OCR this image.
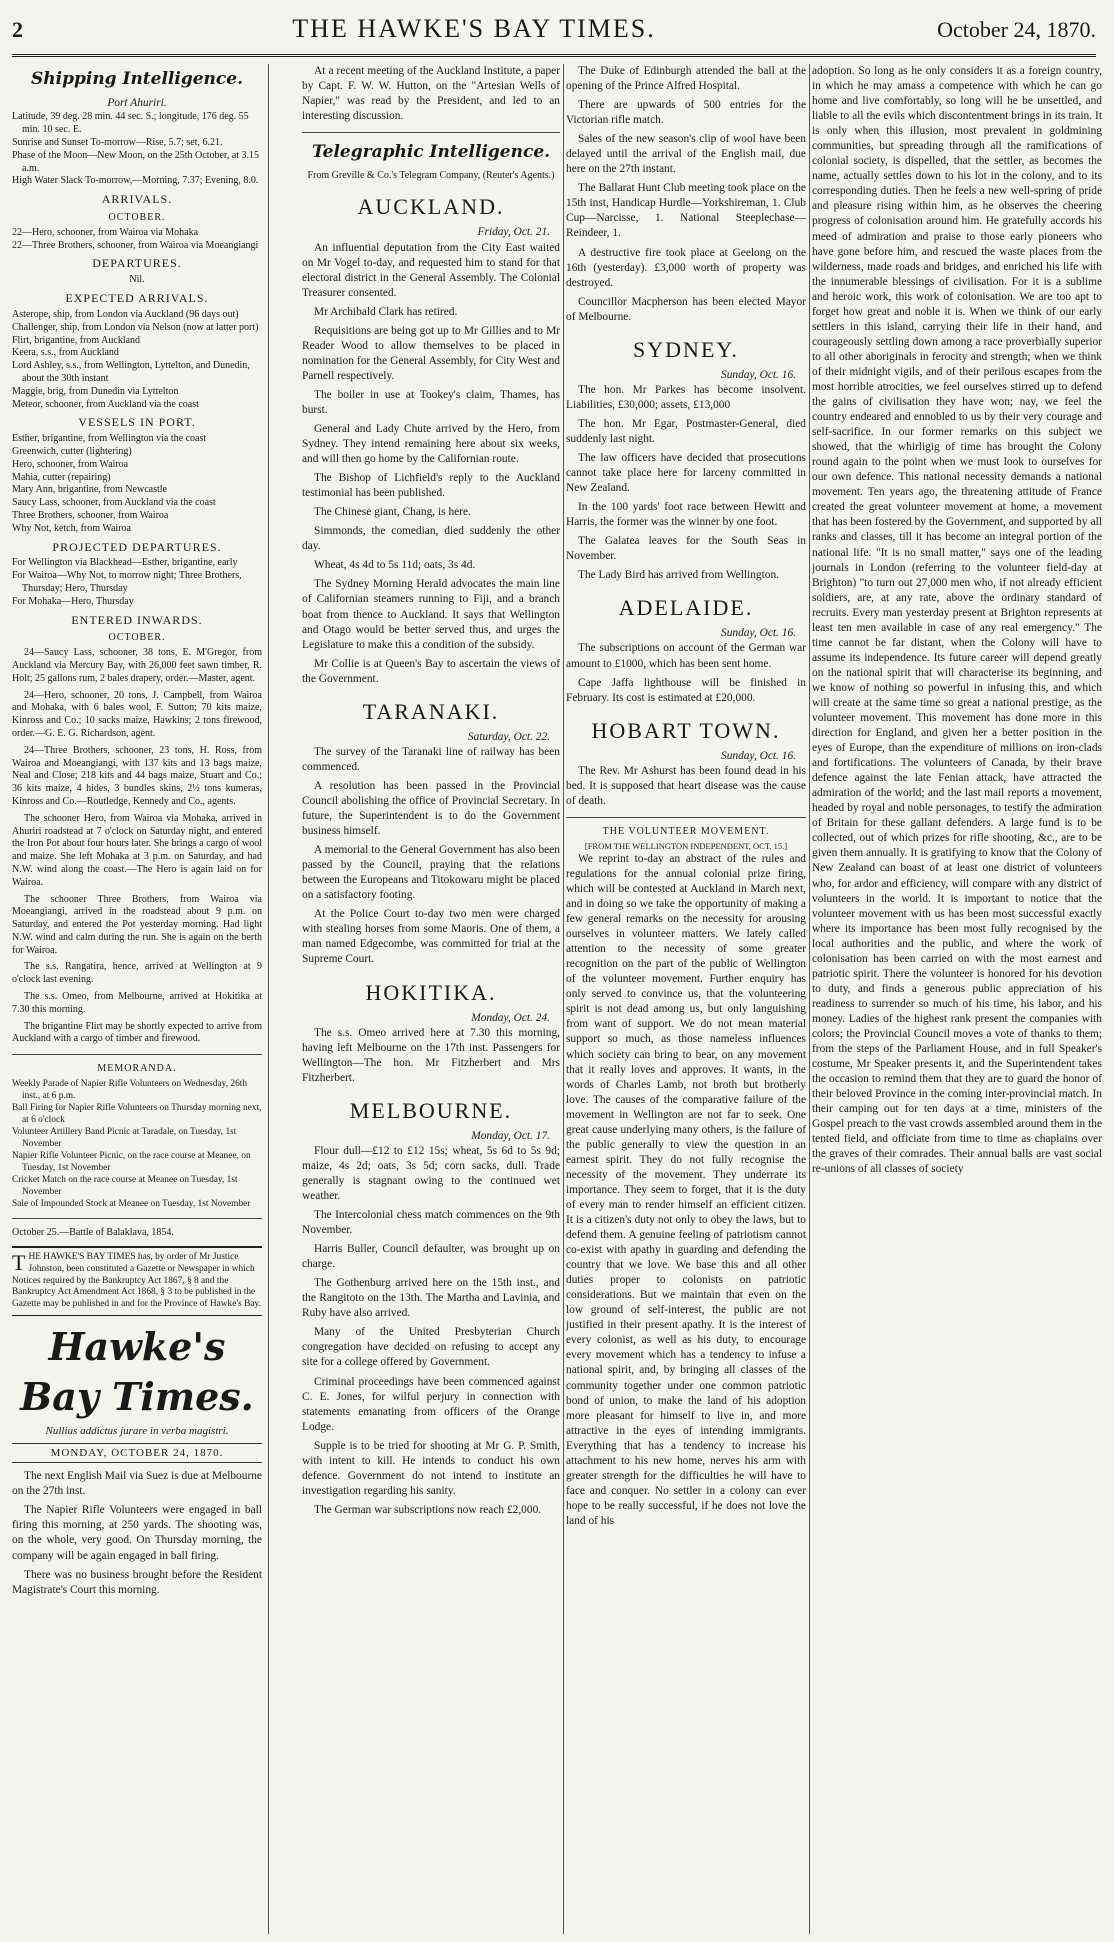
2	THE HAWKE'S BAY TIMES.	October 24, 1870.
Shipping Intelligence.
Port Ahuriri.
Latitude, 39 deg. 28 min. 44 sec. S.; longitude, 176 deg. 55 min. 10 sec. E.
Sunrise and Sunset To-morrow—Rise, 5.7; set, 6.21.
Phase of the Moon—New Moon, on the 25th October, at 3.15 a.m.
High Water Slack To-morrow,—Morning, 7.37; Evening, 8.0.
ARRIVALS.
OCTOBER.
22—Hero, schooner, from Wairoa via Mohaka
22—Three Brothers, schooner, from Wairoa via Moeangiangi
DEPARTURES.
Nil.
EXPECTED ARRIVALS.
Asterope, ship, from London via Auckland (96 days out)
Challenger, ship, from London via Nelson (now at latter port)
Flirt, brigantine, from Auckland
Keera, s.s., from Auckland
Lord Ashley, s.s., from Wellington, Lyttelton, and Dunedin, about the 30th instant
Maggie, brig, from Dunedin via Lyttelton
Meteor, schooner, from Auckland via the coast
VESSELS IN PORT.
Esther, brigantine, from Wellington via the coast
Greenwich, cutter (lightering)
Hero, schooner, from Wairoa
Mahia, cutter (repairing)
Mary Ann, brigantine, from Newcastle
Saucy Lass, schooner, from Auckland via the coast
Three Brothers, schooner, from Wairoa
Why Not, ketch, from Wairoa
PROJECTED DEPARTURES.
For Wellington via Blackhead—Esther, brigantine, early
For Wairoa—Why Not, to morrow night; Three Brothers, Thursday; Hero, Thursday
For Mohaka—Hero, Thursday
ENTERED INWARDS.
OCTOBER.

24—Saucy Lass, schooner, 38 tons, E. M'Gregor, from Auckland via Mercury Bay, with 26,000 feet sawn timber, R. Holt; 25 gallons rum, 2 bales drapery, order.—Master, agent.

24—Hero, schooner, 20 tons, J. Campbell, from Wairoa and Mohaka, with 6 bales wool, F. Sutton; 70 kits maize, Kinross and Co.; 10 sacks maize, Hawkins; 2 tons firewood, order.—G. E. G. Richardson, agent.

24—Three Brothers, schooner, 23 tons, H. Ross, from Wairoa and Moeangiangi, with 137 kits and 13 bags maize, Neal and Close; 218 kits and 44 bags maize, Stuart and Co.; 36 kits maize, 4 hides, 3 bundles skins, 2½ tons kumeras, Kinross and Co.—Routledge, Kennedy and Co., agents.

The schooner Hero, from Wairoa via Mohaka, arrived in Ahuriri roadstead at 7 o'clock on Saturday night, and entered the Iron Pot about four hours later. She brings a cargo of wool and maize. She left Mohaka at 3 p.m. on Saturday, and had N.W. wind along the coast.—The Hero is again laid on for Wairoa.

The schooner Three Brothers, from Wairoa via Moeangiangi, arrived in the roadstead about 9 p.m. on Saturday, and entered the Pot yesterday morning. Had light N.W. wind and calm during the run. She is again on the berth for Wairoa.

The s.s. Rangatira, hence, arrived at Wellington at 9 o'clock last evening.

The s.s. Omeo, from Melbourne, arrived at Hokitika at 7.30 this morning.

The brigantine Flirt may be shortly expected to arrive from Auckland with a cargo of timber and firewood.

MEMORANDA.
Weekly Parade of Napier Rifle Volunteers on Wednesday, 26th inst., at 6 p.m.
Ball Firing for Napier Rifle Volunteers on Thursday morning next, at 6 o'clock
Volunteer Artillery Band Picnic at Taradale, on Tuesday, 1st November
Napier Rifle Volunteer Picnic, on the race course at Meanee, on Tuesday, 1st November
Cricket Match on the race course at Meanee on Tuesday, 1st November
Sale of Impounded Stock at Meanee on Tuesday, 1st November
October 25.—Battle of Balaklava, 1854.
T HE HAWKE'S BAY TIMES has, by order of Mr Justice Johnston, been constituted a Gazette or Newspaper in which Notices required by the Bankruptcy Act 1867, § 8 and the Bankruptcy Act Amendment Act 1868, § 3 to be published in the Gazette may be published in and for the Province of Hawke's Bay.
Hawke's Bay Times.
Nullius addictus jurare in verba magistri.
MONDAY, OCTOBER 24, 1870.

The next English Mail via Suez is due at Melbourne on the 27th inst.

The Napier Rifle Volunteers were engaged in ball firing this morning, at 250 yards. The shooting was, on the whole, very good. On Thursday morning, the company will be again engaged in ball firing.

There was no business brought before the Resident Magistrate's Court this morning.

At a recent meeting of the Auckland Institute, a paper by Capt. F. W. W. Hutton, on the "Artesian Wells of Napier," was read by the President, and led to an interesting discussion.

Telegraphic Intelligence.
From Greville & Co.'s Telegram Company, (Reuter's Agents.)
AUCKLAND.
Friday, Oct. 21.

An influential deputation from the City East waited on Mr Vogel to-day, and requested him to stand for that electoral district in the General Assembly. The Colonial Treasurer consented.

Mr Archibald Clark has retired.

Requisitions are being got up to Mr Gillies and to Mr Reader Wood to allow themselves to be placed in nomination for the General Assembly, for City West and Parnell respectively.

The boiler in use at Tookey's claim, Thames, has burst.

General and Lady Chute arrived by the Hero, from Sydney. They intend remaining here about six weeks, and will then go home by the Californian route.

The Bishop of Lichfield's reply to the Auckland testimonial has been published.

The Chinese giant, Chang, is here.

Simmonds, the comedian, died suddenly the other day.

Wheat, 4s 4d to 5s 11d; oats, 3s 4d.

The Sydney Morning Herald advocates the main line of Californian steamers running to Fiji, and a branch boat from thence to Auckland. It says that Wellington and Otago would be better served thus, and urges the Legislature to make this a condition of the subsidy.

Mr Collie is at Queen's Bay to ascertain the views of the Government.

TARANAKI.
Saturday, Oct. 22.

The survey of the Taranaki line of railway has been commenced.

A resolution has been passed in the Provincial Council abolishing the office of Provincial Secretary. In future, the Superintendent is to do the Government business himself.

A memorial to the General Government has also been passed by the Council, praying that the relations between the Europeans and Titokowaru might be placed on a satisfactory footing.

At the Police Court to-day two men were charged with stealing horses from some Maoris. One of them, a man named Edgecombe, was committed for trial at the Supreme Court.

HOKITIKA.
Monday, Oct. 24.

The s.s. Omeo arrived here at 7.30 this morning, having left Melbourne on the 17th inst. Passengers for Wellington—The hon. Mr Fitzherbert and Mrs Fitzherbert.

MELBOURNE.
Monday, Oct. 17.

Flour dull—£12 to £12 15s; wheat, 5s 6d to 5s 9d; maize, 4s 2d; oats, 3s 5d; corn sacks, dull. Trade generally is stagnant owing to the continued wet weather.

The Intercolonial chess match commences on the 9th November.

Harris Buller, Council defaulter, was brought up on charge.

The Gothenburg arrived here on the 15th inst., and the Rangitoto on the 13th. The Martha and Lavinia, and Ruby have also arrived.

Many of the United Presbyterian Church congregation have decided on refusing to accept any site for a college offered by Government.

Criminal proceedings have been commenced against C. E. Jones, for wilful perjury in connection with statements emanating from officers of the Orange Lodge.

Supple is to be tried for shooting at Mr G. P. Smith, with intent to kill. He intends to conduct his own defence. Government do not intend to institute an investigation regarding his sanity.

The German war subscriptions now reach £2,000.

The Duke of Edinburgh attended the ball at the opening of the Prince Alfred Hospital.

There are upwards of 500 entries for the Victorian rifle match.

Sales of the new season's clip of wool have been delayed until the arrival of the English mail, due here on the 27th instant.

The Ballarat Hunt Club meeting took place on the 15th inst, Handicap Hurdle—Yorkshireman, 1. Club Cup—Narcisse, 1. National Steeplechase—Reindeer, 1.

A destructive fire took place at Geelong on the 16th (yesterday). £3,000 worth of property was destroyed.

Councillor Macpherson has been elected Mayor of Melbourne.

SYDNEY.
Sunday, Oct. 16.

The hon. Mr Parkes has become insolvent. Liabilities, £30,000; assets, £13,000

The hon. Mr Egar, Postmaster-General, died suddenly last night.

The law officers have decided that prosecutions cannot take place here for larceny committed in New Zealand.

In the 100 yards' foot race between Hewitt and Harris, the former was the winner by one foot.

The Galatea leaves for the South Seas in November.

The Lady Bird has arrived from Wellington.

ADELAIDE.
Sunday, Oct. 16.

The subscriptions on account of the German war amount to £1000, which has been sent home.

Cape Jaffa lighthouse will be finished in February. Its cost is estimated at £20,000.

HOBART TOWN.
Sunday, Oct. 16.

The Rev. Mr Ashurst has been found dead in his bed. It is supposed that heart disease was the cause of death.

THE VOLUNTEER MOVEMENT.
[FROM THE WELLINGTON INDEPENDENT, OCT. 15.]

We reprint to-day an abstract of the rules and regulations for the annual colonial prize firing, which will be contested at Auckland in March next, and in doing so we take the opportunity of making a few general remarks on the necessity for arousing ourselves in volunteer matters. We lately called attention to the necessity of some greater recognition on the part of the public of Wellington of the volunteer movement. Further enquiry has only served to convince us, that the volunteering spirit is not dead among us, but only languishing from want of support. We do not mean material support so much, as those nameless influences which society can bring to bear, on any movement that it really loves and approves. It wants, in the words of Charles Lamb, not broth but brotherly love. The causes of the comparative failure of the movement in Wellington are not far to seek. One great cause underlying many others, is the failure of the public generally to view the question in an earnest spirit. They do not fully recognise the necessity of the movement. They underrate its importance. They seem to forget, that it is the duty of every man to render himself an efficient citizen. It is a citizen's duty not only to obey the laws, but to defend them. A genuine feeling of patriotism cannot co-exist with apathy in guarding and defending the country that we love. We base this and all other duties proper to colonists on patriotic considerations. But we maintain that even on the low ground of self-interest, the public are not justified in their present apathy. It is the interest of every colonist, as well as his duty, to encourage every movement which has a tendency to infuse a national spirit, and, by bringing all classes of the community together under one common patriotic bond of union, to make the land of his adoption more pleasant for himself to live in, and more attractive in the eyes of intending immigrants. Everything that has a tendency to increase his attachment to his new home, nerves his arm with greater strength for the difficulties he will have to face and conquer. No settler in a colony can ever hope to be really successful, if he does not love the land of his

adoption. So long as he only considers it as a foreign country, in which he may amass a competence with which he can go home and live comfortably, so long will he be unsettled, and liable to all the evils which discontentment brings in its train. It is only when this illusion, most prevalent in goldmining communities, but spreading through all the ramifications of colonial society, is dispelled, that the settler, as becomes the name, actually settles down to his lot in the colony, and to its corresponding duties. Then he feels a new well-spring of pride and pleasure rising within him, as he observes the cheering progress of colonisation around him. He gratefully accords his meed of admiration and praise to those early pioneers who have gone before him, and rescued the waste places from the wilderness, made roads and bridges, and enriched his life with the innumerable blessings of civilisation. For it is a sublime and heroic work, this work of colonisation. We are too apt to forget how great and noble it is. When we think of our early settlers in this island, carrying their life in their hand, and courageously settling down among a race proverbially superior to all other aboriginals in ferocity and strength; when we think of their midnight vigils, and of their perilous escapes from the most horrible atrocities, we feel ourselves stirred up to defend the gains of civilisation they have won; nay, we feel the country endeared and ennobled to us by their very courage and self-sacrifice. In our former remarks on this subject we showed, that the whirligig of time has brought the Colony round again to the point when we must look to ourselves for our own defence. This national necessity demands a national movement. Ten years ago, the threatening attitude of France created the great volunteer movement at home, a movement that has been fostered by the Government, and supported by all ranks and classes, till it has become an integral portion of the national life. "It is no small matter," says one of the leading journals in London (referring to the volunteer field-day at Brighton) "to turn out 27,000 men who, if not already efficient soldiers, are, at any rate, above the ordinary standard of recruits. Every man yesterday present at Brighton represents at least ten men available in case of any real emergency." The time cannot be far distant, when the Colony will have to assume its independence. Its future career will depend greatly on the national spirit that will characterise its beginning, and we know of nothing so powerful in infusing this, and which will create at the same time so great a national prestige, as the volunteer movement. This movement has done more in this direction for England, and given her a better position in the eyes of Europe, than the expenditure of millions on iron-clads and fortifications. The volunteers of Canada, by their brave defence against the late Fenian attack, have attracted the admiration of the world; and the last mail reports a movement, headed by royal and noble personages, to testify the admiration of Britain for these gallant defenders. A large fund is to be collected, out of which prizes for rifle shooting, &c., are to be given them annually. It is gratifying to know that the Colony of New Zealand can boast of at least one district of volunteers who, for ardor and efficiency, will compare with any district of volunteers in the world. It is important to notice that the volunteer movement with us has been most successful exactly where its importance has been most fully recognised by the local authorities and the public, and where the work of colonisation has been carried on with the most earnest and patriotic spirit. There the volunteer is honored for his devotion to duty, and finds a generous public appreciation of his readiness to surrender so much of his time, his labor, and his money. Ladies of the highest rank present the companies with colors; the Provincial Council moves a vote of thanks to them; from the steps of the Parliament House, and in full Speaker's costume, Mr Speaker presents it, and the Superintendent takes the occasion to remind them that they are to guard the honor of their beloved Province in the coming inter-provincial match. In their camping out for ten days at a time, ministers of the Gospel preach to the vast crowds assembled around them in the tented field, and officiate from time to time as chaplains over the graves of their comrades. Their annual balls are vast social re-unions of all classes of society
